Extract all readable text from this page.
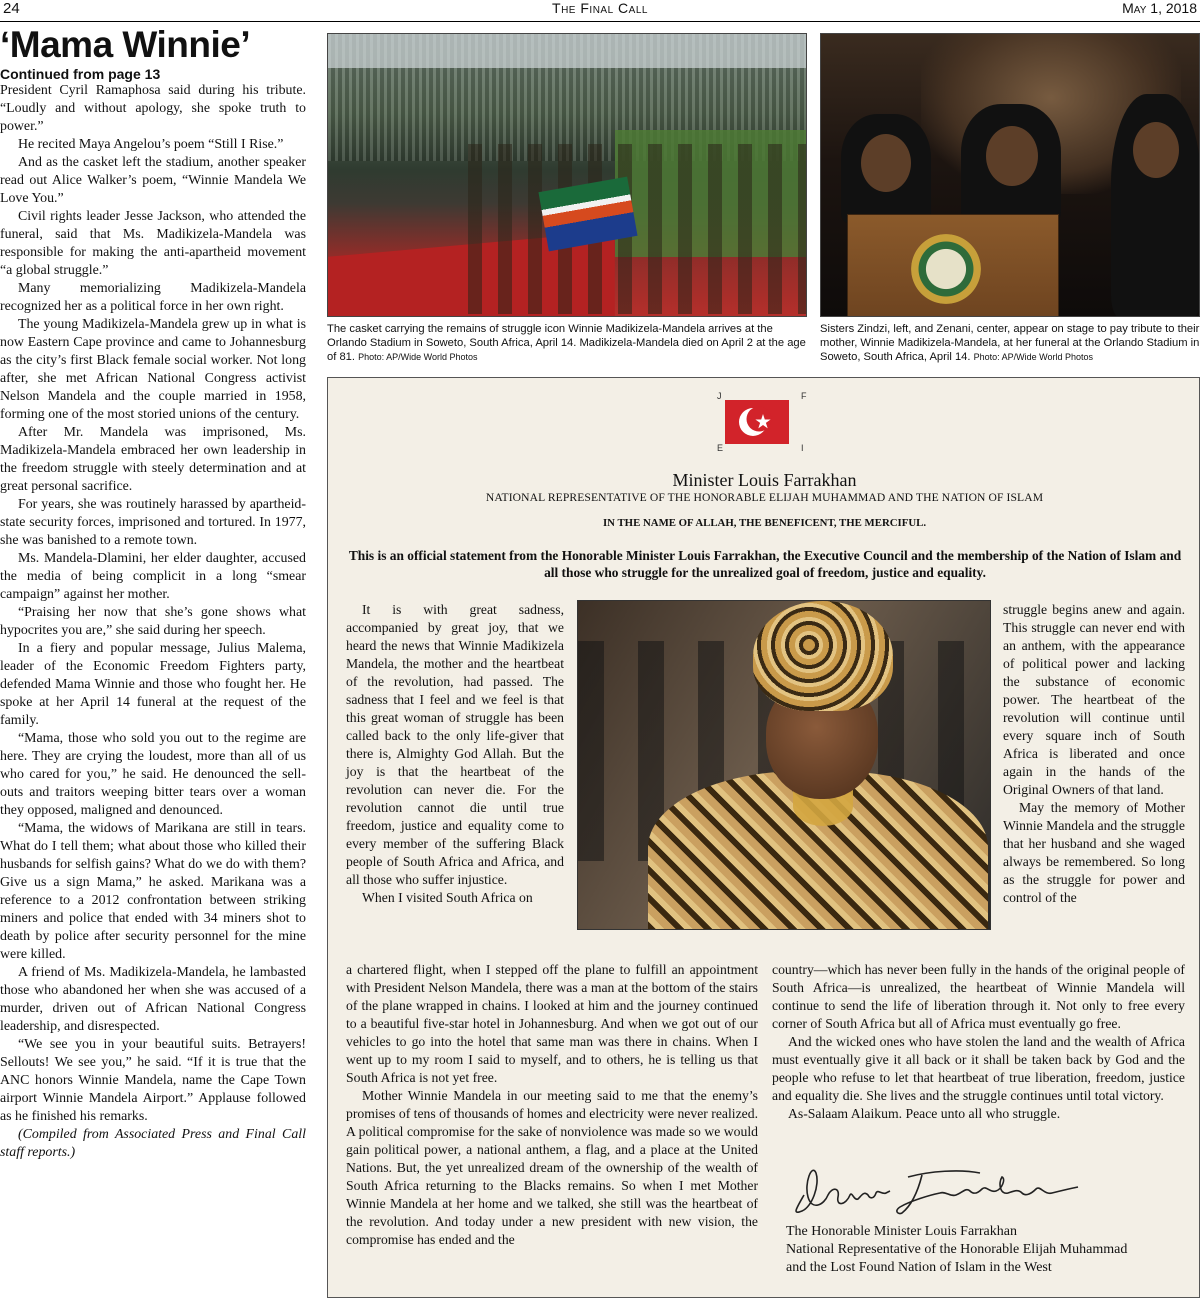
24	The Final Call	May 1, 2018
‘Mama Winnie’
Continued from page 13

President Cyril Ramaphosa said during his tribute. “Loudly and without apology, she spoke truth to power.”

He recited Maya Angelou’s poem “Still I Rise.”

And as the casket left the stadium, another speaker read out Alice Walker’s poem, “Winnie Mandela We Love You.”

Civil rights leader Jesse Jackson, who attended the funeral, said that Ms. Madikizela-Mandela was responsible for making the anti-apartheid movement “a global struggle.”

Many memorializing Madikizela-Mandela recognized her as a political force in her own right.

The young Madikizela-Mandela grew up in what is now Eastern Cape province and came to Johannesburg as the city’s first Black female social worker. Not long after, she met African National Congress activist Nelson Mandela and the couple married in 1958, forming one of the most storied unions of the century.

After Mr. Mandela was imprisoned, Ms. Madikizela-Mandela embraced her own leadership in the freedom struggle with steely determination and at great personal sacrifice.

For years, she was routinely harassed by apartheid-state security forces, imprisoned and tortured. In 1977, she was banished to a remote town.

Ms. Mandela-Dlamini, her elder daughter, accused the media of being complicit in a long “smear campaign” against her mother.

“Praising her now that she’s gone shows what hypocrites you are,” she said during her speech.

In a fiery and popular message, Julius Malema, leader of the Economic Freedom Fighters party, defended Mama Winnie and those who fought her. He spoke at her April 14 funeral at the request of the family.

“Mama, those who sold you out to the regime are here. They are crying the loudest, more than all of us who cared for you,” he said. He denounced the sell-outs and traitors weeping bitter tears over a woman they opposed, maligned and denounced.

“Mama, the widows of Marikana are still in tears. What do I tell them; what about those who killed their husbands for selfish gains? What do we do with them? Give us a sign Mama,” he asked. Marikana was a reference to a 2012 confrontation between striking miners and police that ended with 34 miners shot to death by police after security personnel for the mine were killed.

A friend of Ms. Madikizela-Mandela, he lambasted those who abandoned her when she was accused of a murder, driven out of African National Congress leadership, and disrespected.

“We see you in your beautiful suits. Betrayers! Sellouts! We see you,” he said. “If it is true that the ANC honors Winnie Mandela, name the Cape Town airport Winnie Mandela Airport.” Applause followed as he finished his remarks.

(Compiled from Associated Press and Final Call staff reports.)

The casket carrying the remains of struggle icon Winnie Madikizela-Mandela arrives at the Orlando Stadium in Soweto, South Africa, April 14. Madikizela-Mandela died on April 2 at the age of 81. Photo: AP/Wide World Photos
Sisters Zindzi, left, and Zenani, center, appear on stage to pay tribute to their mother, Winnie Madikizela-Mandela, at her funeral at the Orlando Stadium in Soweto, South Africa, April 14. Photo: AP/Wide World Photos
J	F
E	I
Minister Louis Farrakhan
NATIONAL REPRESENTATIVE OF THE HONORABLE ELIJAH MUHAMMAD AND THE NATION OF ISLAM
IN THE NAME OF ALLAH, THE BENEFICENT, THE MERCIFUL.
This is an official statement from the Honorable Minister Louis Farrakhan, the Executive Council and the membership of the Nation of Islam and all those who struggle for the unrealized goal of freedom, justice and equality.

It is with great sadness, accompanied by great joy, that we heard the news that Winnie Madikizela Mandela, the mother and the heartbeat of the revolution, had passed. The sadness that I feel and we feel is that this great woman of struggle has been called back to the only life-giver that there is, Almighty God Allah. But the joy is that the heartbeat of the revolution can never die. For the revolution cannot die until true freedom, justice and equality come to every member of the suffering Black people of South Africa and Africa, and all those who suffer injustice.

When I visited South Africa on

struggle begins anew and again. This struggle can never end with an anthem, with the appearance of political power and lacking the substance of economic power. The heartbeat of the revolution will continue until every square inch of South Africa is liberated and once again in the hands of the Original Owners of that land.

May the memory of Mother Winnie Mandela and the struggle that her husband and she waged always be remembered. So long as the struggle for power and control of the

a chartered flight, when I stepped off the plane to fulfill an appointment with President Nelson Mandela, there was a man at the bottom of the stairs of the plane wrapped in chains. I looked at him and the journey continued to a beautiful five-star hotel in Johannesburg. And when we got out of our vehicles to go into the hotel that same man was there in chains. When I went up to my room I said to myself, and to others, he is telling us that South Africa is not yet free.

Mother Winnie Mandela in our meeting said to me that the enemy’s promises of tens of thousands of homes and electricity were never realized. A political compromise for the sake of nonviolence was made so we would gain political power, a national anthem, a flag, and a place at the United Nations. But, the yet unrealized dream of the ownership of the wealth of South Africa returning to the Blacks remains. So when I met Mother Winnie Mandela at her home and we talked, she still was the heartbeat of the revolution. And today under a new president with new vision, the compromise has ended and the

country—which has never been fully in the hands of the original people of South Africa—is unrealized, the heartbeat of Winnie Mandela will continue to send the life of liberation through it. Not only to free every corner of South Africa but all of Africa must eventually go free.

And the wicked ones who have stolen the land and the wealth of Africa must eventually give it all back or it shall be taken back by God and the people who refuse to let that heartbeat of true liberation, freedom, justice and equality die. She lives and the struggle continues until total victory.

As-Salaam Alaikum. Peace unto all who struggle.

Louis Farrakhan
The Honorable Minister Louis Farrakhan
National Representative of the Honorable Elijah Muhammad
and the Lost Found Nation of Islam in the West
